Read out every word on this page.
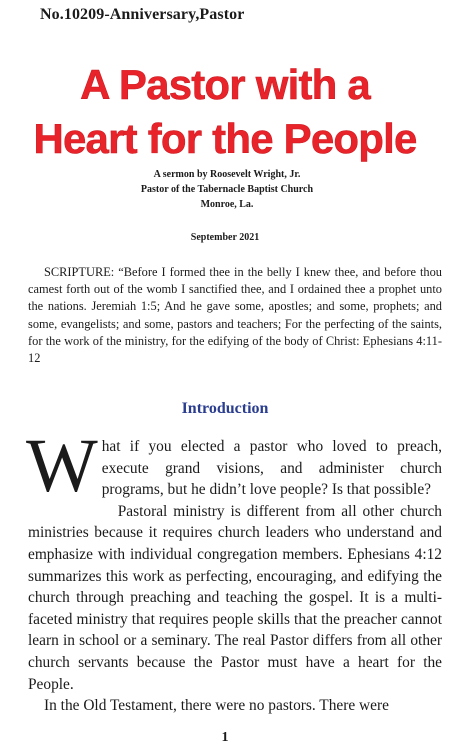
No.10209-Anniversary,Pastor
A Pastor with a
Heart for the People
A sermon by Roosevelt Wright, Jr.
Pastor of the Tabernacle Baptist Church
Monroe, La.
September 2021
SCRIPTURE: “Before I formed thee in the belly I knew thee, and before thou camest forth out of the womb I sanctified thee, and I ordained thee a prophet unto the nations. Jeremiah 1:5; And he gave some, apostles; and some, prophets; and some, evangelists; and some, pastors and teachers; For the perfecting of the saints, for the work of the ministry, for the edifying of the body of Christ: Ephesians 4:11-12
Introduction
W hat if you elected a pastor who loved to preach, execute grand visions, and administer church programs, but he didn’t love people? Is that possible?

Pastoral ministry is different from all other church ministries because it requires church leaders who understand and emphasize with individual congregation members. Ephesians 4:12 summarizes this work as perfecting, encouraging, and edifying the church through preaching and teaching the gospel. It is a multi-faceted ministry that requires people skills that the preacher cannot learn in school or a seminary. The real Pastor differs from all other church servants because the Pastor must have a heart for the People.

In the Old Testament, there were no pastors. There were

1
